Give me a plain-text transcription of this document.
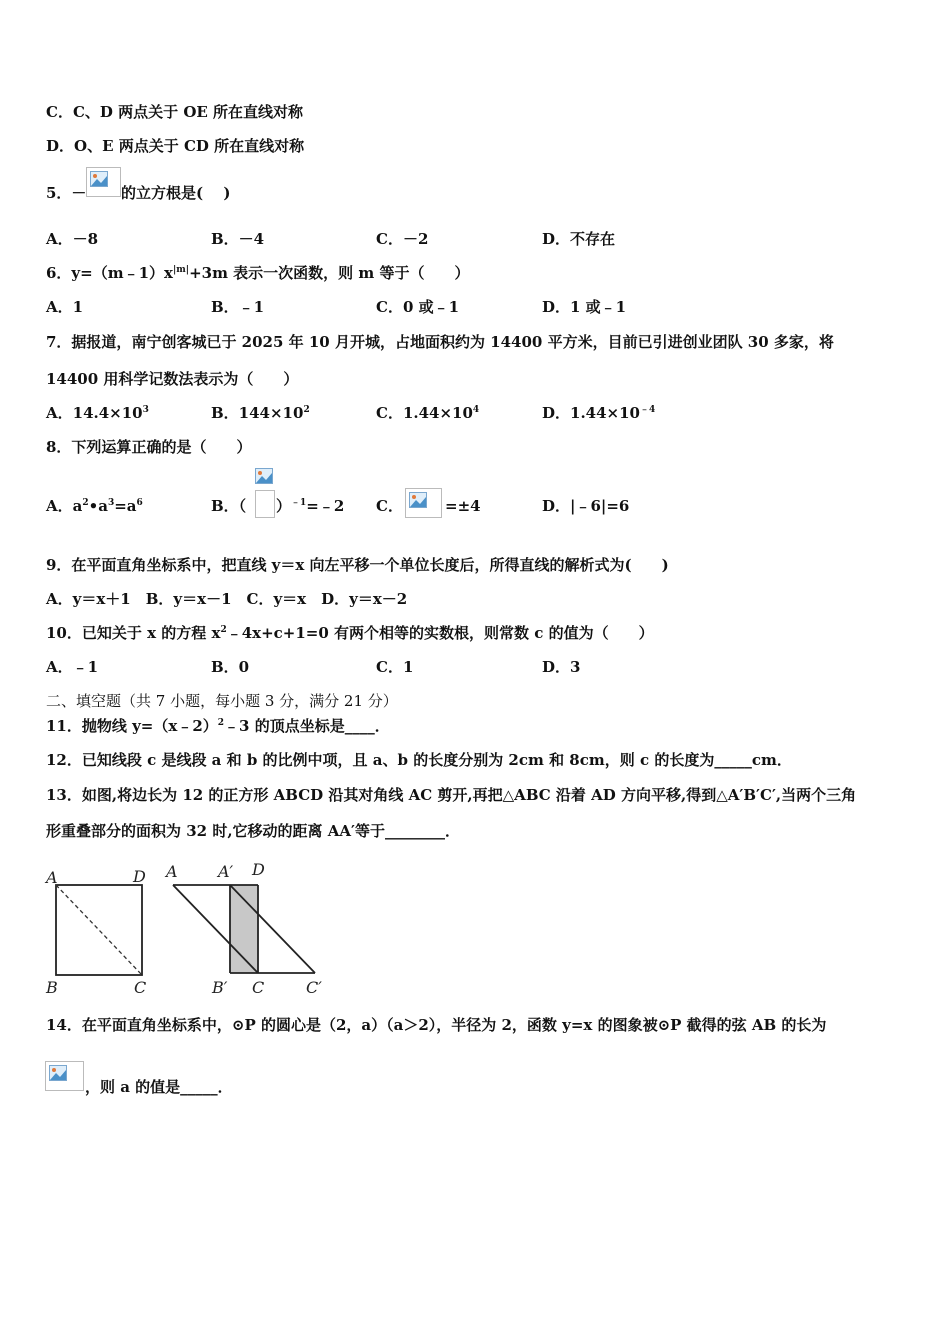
C．C、D 两点关于 OE 所在直线对称
D．O、E 两点关于 CD 所在直线对称
5．－ 的立方根是(　 )
A．－8	B．－4	C．－2	D．不存在
6．$y=(m﹣1)x^{|m|}+3m$ 表示一次函数，则 m 等于（　　）
A．1	B．﹣1	C．0 或﹣1	D．1 或﹣1
7．据报道，南宁创客城已于 2025 年 10 月开城，占地面积约为 14400 平方米，目前已引进创业团队 30 多家，将
14400 用科学记数法表示为（　　）
A．$14.4\times 10^3$	B．$144\times 10^2$	C．$1.44\times 10^4$	D．$1.44\times 10^{﹣4}$
8．下列运算正确的是（　　）
A．$a^2•a^3=a^6$	B．（ ）$^{﹣1}$=﹣2 C．	=±4	D．|﹣6|=6
9．在平面直角坐标系中，把直线 y＝x 向左平移一个单位长度后，所得直线的解析式为(　　)
A．y＝x＋1　B．y＝x－1　C．y＝x　D．y＝x－2
10．已知关于 x 的方程 $x^2﹣4x+c+1=0$ 有两个相等的实数根，则常数 c 的值为（　　）
A．﹣1	B．0	C．1	D．3
二、填空题（共 7 小题，每小题 3 分，满分 21 分）
11．抛物线 y=（x﹣2）$^2$﹣3 的顶点坐标是____．
12．已知线段 c 是线段 a 和 b 的比例中项，且 a、b 的长度分别为 2cm 和 8cm，则 c 的长度为_____cm．
13．如图,将边长为 12 的正方形 ABCD 沿其对角线 AC 剪开,再把△ABC 沿着 AD 方向平移,得到△A′B′C′,当两个三角
形重叠部分的面积为 32 时,它移动的距离 AA′等于________．
A	D
B	C
A	A′ D
B′ C	C′
14．在平面直角坐标系中，⊙P 的圆心是（2，a）（a＞2），半径为 2，函数 y=x 的图象被⊙P 截得的弦 AB 的长为
，则 a 的值是_____．
